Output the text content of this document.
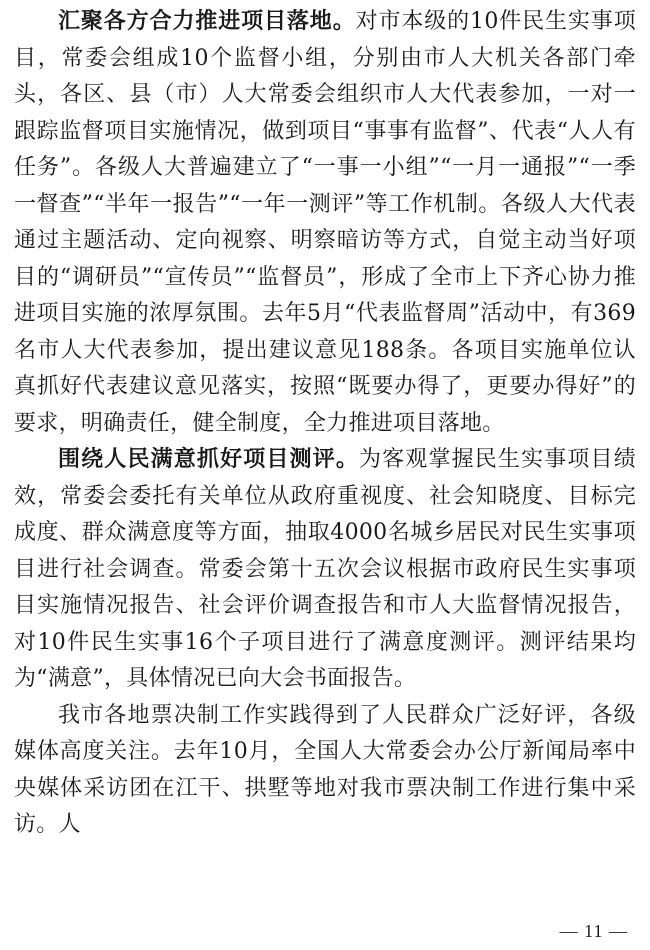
汇聚各方合力推进项目落地。对市本级的10件民生实事项目，常委会组成10个监督小组，分别由市人大机关各部门牵头，各区、县（市）人大常委会组织市人大代表参加，一对一跟踪监督项目实施情况，做到项目“事事有监督”、代表“人人有任务”。各级人大普遍建立了“一事一小组”“一月一通报”“一季一督查”“半年一报告”“一年一测评”等工作机制。各级人大代表通过主题活动、定向视察、明察暗访等方式，自觉主动当好项目的“调研员”“宣传员”“监督员”，形成了全市上下齐心协力推进项目实施的浓厚氛围。去年5月“代表监督周”活动中，有369名市人大代表参加，提出建议意见188条。各项目实施单位认真抓好代表建议意见落实，按照“既要办得了，更要办得好”的要求，明确责任，健全制度，全力推进项目落地。

围绕人民满意抓好项目测评。为客观掌握民生实事项目绩效，常委会委托有关单位从政府重视度、社会知晓度、目标完成度、群众满意度等方面，抽取4000名城乡居民对民生实事项目进行社会调查。常委会第十五次会议根据市政府民生实事项目实施情况报告、社会评价调查报告和市人大监督情况报告，对10件民生实事16个子项目进行了满意度测评。测评结果均为“满意”，具体情况已向大会书面报告。

我市各地票决制工作实践得到了人民群众广泛好评，各级媒体高度关注。去年10月，全国人大常委会办公厅新闻局率中央媒体采访团在江干、拱墅等地对我市票决制工作进行集中采访。人

— 11 —
